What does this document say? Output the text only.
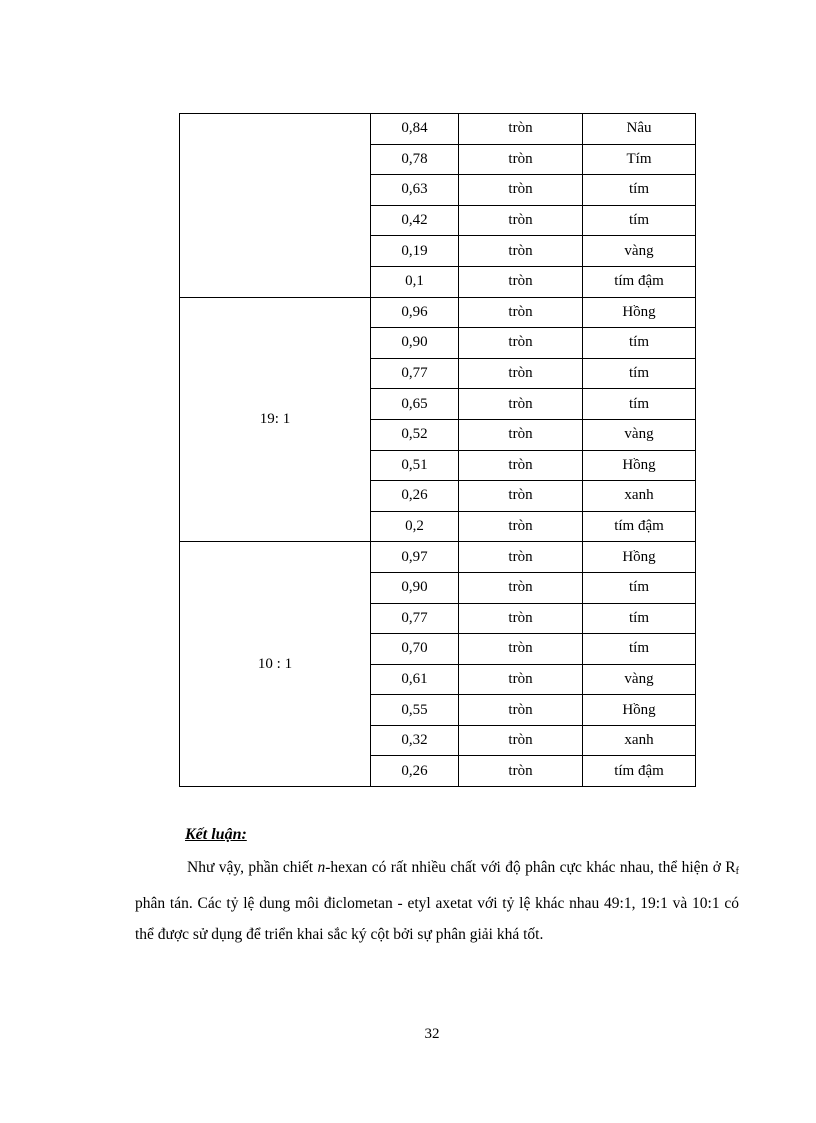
	0,84	tròn	Nâu
	0,78	tròn	Tím
	0,63	tròn	tím
	0,42	tròn	tím
	0,19	tròn	vàng
	0,1	tròn	tím đậm
19: 1	0,96	tròn	Hồng
	0,90	tròn	tím
	0,77	tròn	tím
	0,65	tròn	tím
	0,52	tròn	vàng
	0,51	tròn	Hồng
	0,26	tròn	xanh
	0,2	tròn	tím đậm
10 : 1	0,97	tròn	Hồng
	0,90	tròn	tím
	0,77	tròn	tím
	0,70	tròn	tím
	0,61	tròn	vàng
	0,55	tròn	Hồng
	0,32	tròn	xanh
	0,26	tròn	tím đậm

Kết luận:

Như vậy, phần chiết n-hexan có rất nhiều chất với độ phân cực khác nhau, thể hiện ở $R_f$ phân tán. Các tỷ lệ dung môi điclometan - etyl axetat với tỷ lệ khác nhau 49:1, 19:1 và 10:1 có thể được sử dụng để triển khai sắc ký cột bởi sự phân giải khá tốt.

32
